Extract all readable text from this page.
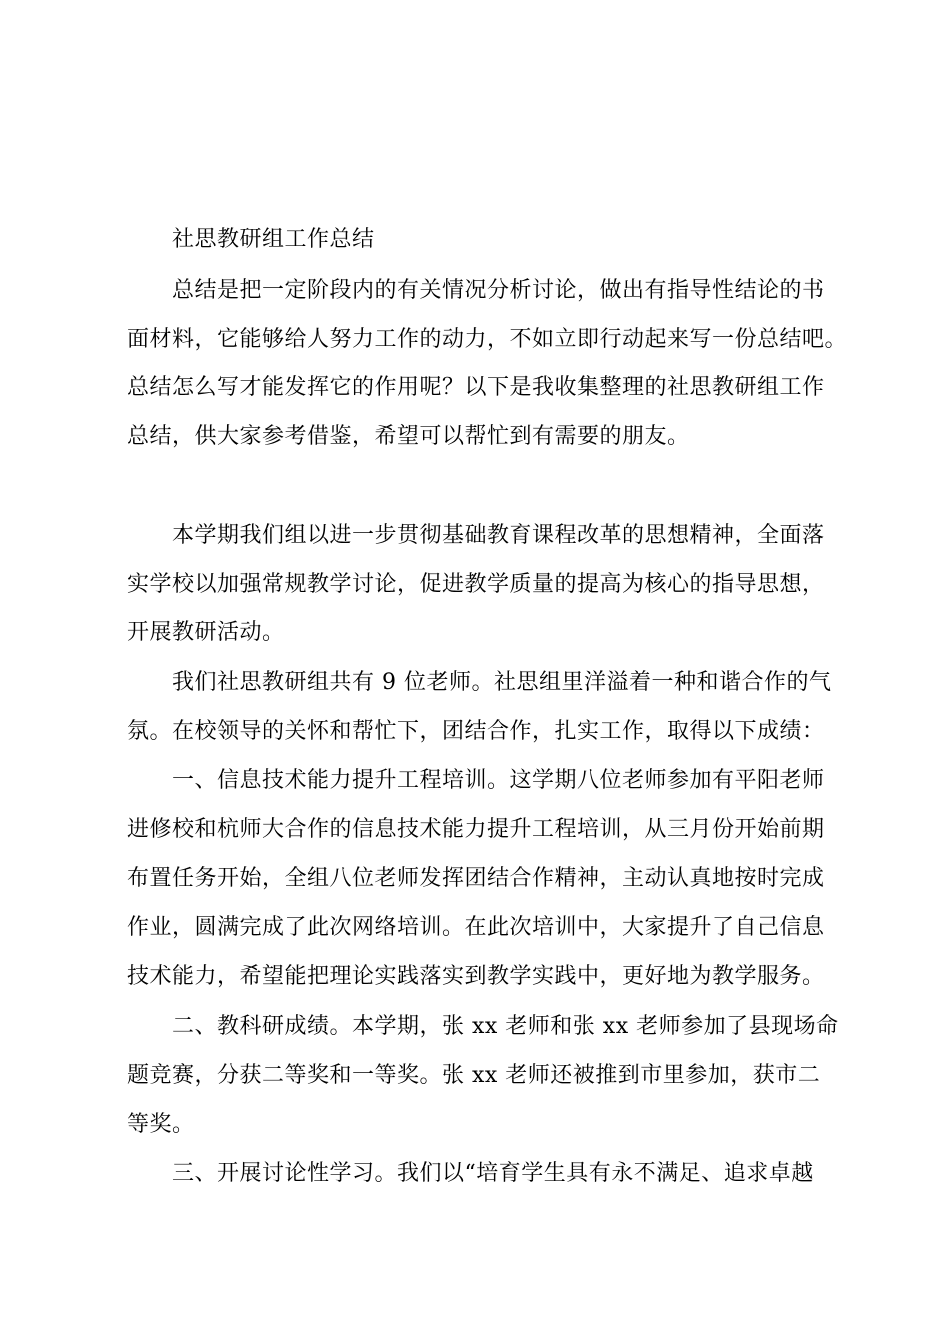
社思教研组工作总结
总结是把一定阶段内的有关情况分析讨论，做出有指导性结论的书
面材料，它能够给人努力工作的动力，不如立即行动起来写一份总结吧。
总结怎么写才能发挥它的作用呢？以下是我收集整理的社思教研组工作
总结，供大家参考借鉴，希望可以帮忙到有需要的朋友。
本学期我们组以进一步贯彻基础教育课程改革的思想精神，全面落
实学校以加强常规教学讨论，促进教学质量的提高为核心的指导思想，
开展教研活动。
我们社思教研组共有 9 位老师。社思组里洋溢着一种和谐合作的气
氛。在校领导的关怀和帮忙下，团结合作，扎实工作，取得以下成绩：
一、信息技术能力提升工程培训。这学期八位老师参加有平阳老师
进修校和杭师大合作的信息技术能力提升工程培训，从三月份开始前期
布置任务开始，全组八位老师发挥团结合作精神，主动认真地按时完成
作业，圆满完成了此次网络培训。在此次培训中，大家提升了自己信息
技术能力，希望能把理论实践落实到教学实践中，更好地为教学服务。
二、教科研成绩。本学期，张 xx 老师和张 xx 老师参加了县现场命
题竞赛，分获二等奖和一等奖。张 xx 老师还被推到市里参加，获市二
等奖。
三、开展讨论性学习。我们以“培育学生具有永不满足、追求卓越
